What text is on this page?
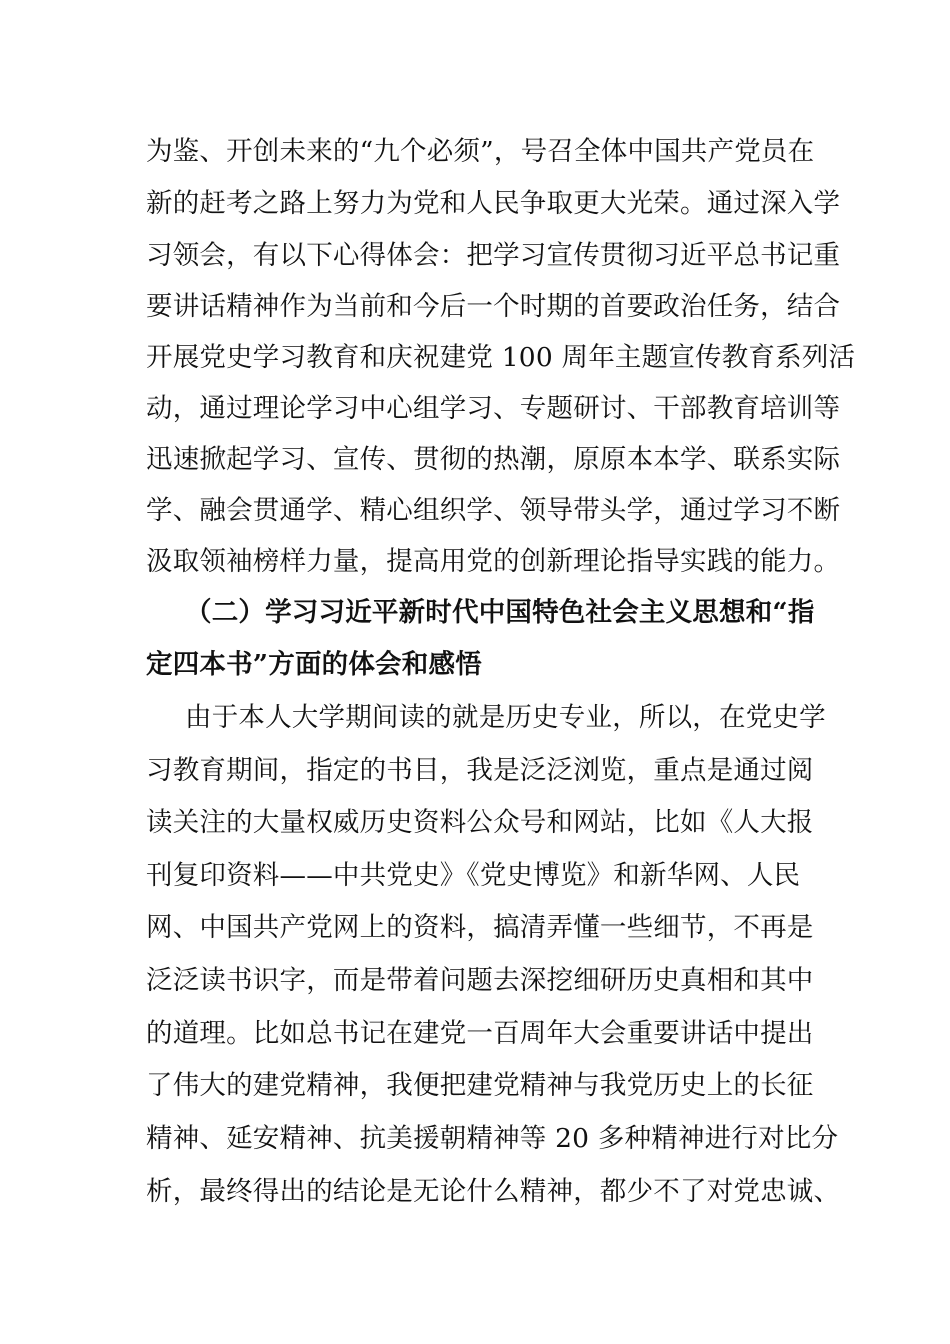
为鉴、开创未来的“九个必须”，号召全体中国共产党员在
新的赶考之路上努力为党和人民争取更大光荣。通过深入学
习领会，有以下心得体会：把学习宣传贯彻习近平总书记重
要讲话精神作为当前和今后一个时期的首要政治任务，结合
开展党史学习教育和庆祝建党 100 周年主题宣传教育系列活
动，通过理论学习中心组学习、专题研讨、干部教育培训等
迅速掀起学习、宣传、贯彻的热潮，原原本本学、联系实际
学、融会贯通学、精心组织学、领导带头学，通过学习不断
汲取领袖榜样力量，提高用党的创新理论指导实践的能力。
（二）学习习近平新时代中国特色社会主义思想和“指
定四本书”方面的体会和感悟
由于本人大学期间读的就是历史专业，所以，在党史学
习教育期间，指定的书目，我是泛泛浏览，重点是通过阅
读关注的大量权威历史资料公众号和网站，比如《人大报
刊复印资料——中共党史》《党史博览》和新华网、人民
网、中国共产党网上的资料，搞清弄懂一些细节，不再是
泛泛读书识字，而是带着问题去深挖细研历史真相和其中
的道理。比如总书记在建党一百周年大会重要讲话中提出
了伟大的建党精神，我便把建党精神与我党历史上的长征
精神、延安精神、抗美援朝精神等 20 多种精神进行对比分
析，最终得出的结论是无论什么精神，都少不了对党忠诚、
